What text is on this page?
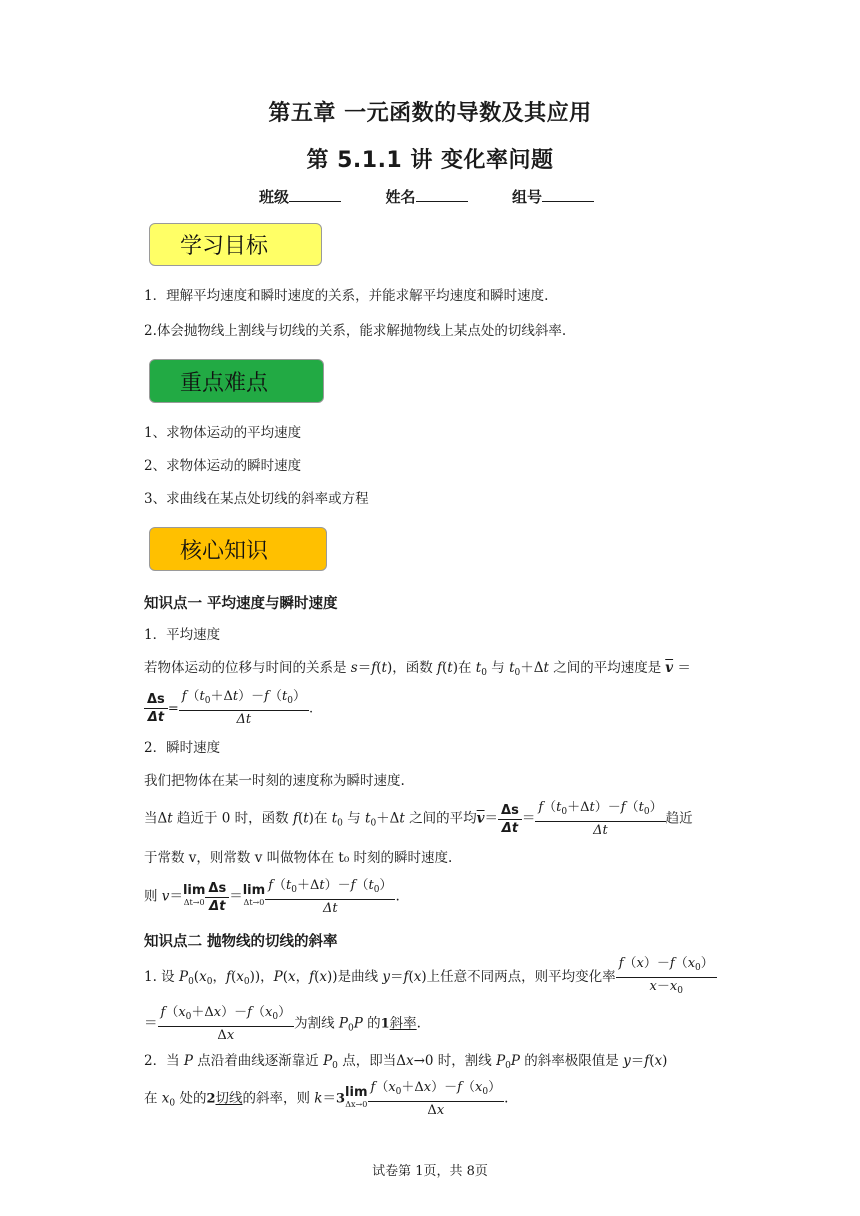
第五章 一元函数的导数及其应用
第 5.1.1 讲 变化率问题
班级	姓名	组号
学习目标
1．理解平均速度和瞬时速度的关系，并能求解平均速度和瞬时速度.
2.体会抛物线上割线与切线的关系，能求解抛物线上某点处的切线斜率.
重点难点
1、求物体运动的平均速度
2、求物体运动的瞬时速度
3、求曲线在某点处切线的斜率或方程
核心知识
知识点一 平均速度与瞬时速度
1．平均速度
若物体运动的位移与时间的关系是 s＝f(t)，函数 f(t)在 $t_0$ 与 $t_0+\Delta t$ 之间的平均速度是 $\overline{v}$ ＝
$\frac{\Delta s}{\Delta t} = \frac{f(t_0+\Delta t)-f(t_0)}{\Delta t}$ .
2．瞬时速度
我们把物体在某一时刻的速度称为瞬时速度.
当Δt 趋近于 0 时，函数 f(t)在 $t_0$ 与 $t_0+\Delta t$ 之间的平均$\overline{v}= \frac{\Delta s}{\Delta t} = \frac{f(t_0+\Delta t)-f(t_0)}{\Delta t}$ 趋近
于常数 v，则常数 v 叫做物体在 t₀ 时刻的瞬时速度.
则 v＝ lim
$\Delta t\to 0 \frac{\Delta s}{\Delta t} = \lim$
$\Delta t\to 0 \frac{f(t_0+\Delta t)-f(t_0)}{\Delta t}$ .
知识点二 抛物线的切线的斜率
1. 设 $P_0(x_0$，$f(x_0)$)，P(x，f(x))是曲线 y＝f(x)上任意不同两点，则平均变化率 $\frac{f(x)-f(x_0)}{x-x_0}$
＝ $\frac{f(x_0+\Delta x)-f(x_0)}{\Delta x}$ 为割线 $P_0P$ 的1斜率.
2．当 P 点沿着曲线逐渐靠近 $P_0$ 点，即当Δx→0 时，割线 $P_0P$ 的斜率极限值是 y＝f(x)
在 $x_0$ 处的2切线的斜率，则 k＝3 lim
$\Delta x\to 0 \frac{f(x_0+\Delta x)-f(x_0)}{\Delta x}$ .
试卷第 1页，共 8页
